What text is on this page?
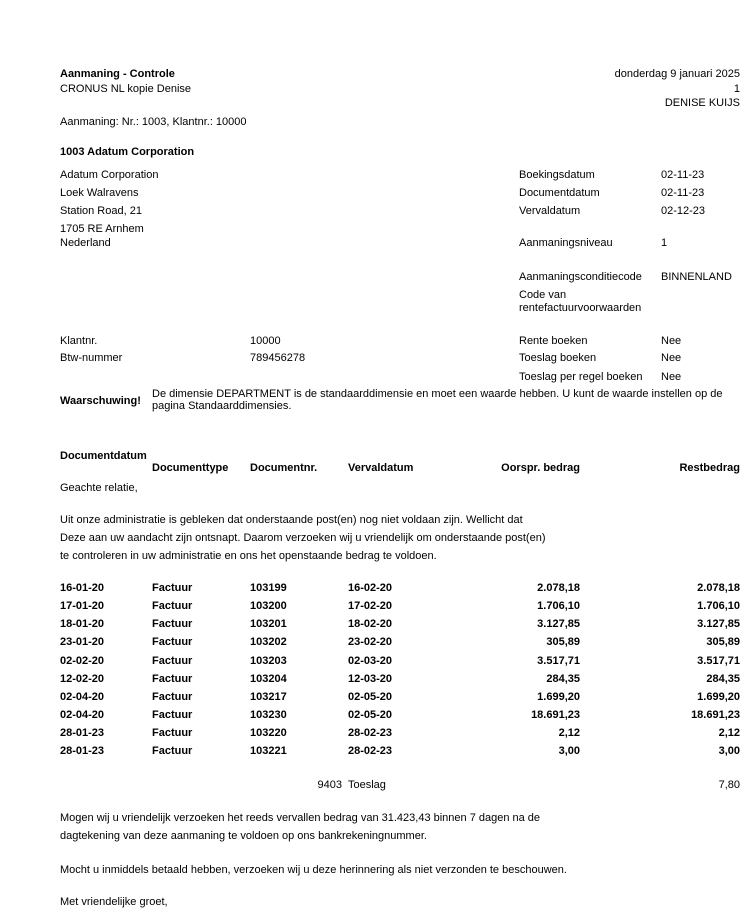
Aanmaning - Controle
CRONUS NL kopie Denise
donderdag 9 januari 2025
1
DENISE KUIJS
Aanmaning: Nr.: 1003, Klantnr.: 10000
1003 Adatum Corporation
Adatum Corporation
Loek Walravens
Station Road, 21
1705 RE Arnhem
Nederland
Boekingsdatum	02-11-23
Documentdatum	02-11-23
Vervaldatum	02-12-23
Aanmaningsniveau	1
Aanmaningsconditiecode BINNENLAND
Code van rentefactuurvoorwaarden
Klantnr.	10000
Btw-nummer	789456278
Rente boeken	Nee
Toeslag boeken	Nee
Toeslag per regel boeken Nee
Waarschuwing!
De dimensie DEPARTMENT is de standaarddimensie en moet een waarde hebben. U kunt de waarde instellen op de pagina Standaarddimensies.
Documentdatum
Documenttype Documentnr.	Vervaldatum	Oorspr. bedrag	Restbedrag
Geachte relatie,
Uit onze administratie is gebleken dat onderstaande post(en) nog niet voldaan zijn. Wellicht dat
Deze aan uw aandacht zijn ontsnapt. Daarom verzoeken wij u vriendelijk om onderstaande post(en)
te controleren in uw administratie en ons het openstaande bedrag te voldoen.
16-01-20	Factuur	103199	16-02-20	2.078,18	2.078,18
17-01-20	Factuur	103200	17-02-20	1.706,10	1.706,10
18-01-20	Factuur	103201	18-02-20	3.127,85	3.127,85
23-01-20	Factuur	103202	23-02-20	305,89	305,89
02-02-20	Factuur	103203	02-03-20	3.517,71	3.517,71
12-02-20	Factuur	103204	12-03-20	284,35	284,35
02-04-20	Factuur	103217	02-05-20	1.699,20	1.699,20
02-04-20	Factuur	103230	02-05-20	18.691,23	18.691,23
28-01-23	Factuur	103220	28-02-23	2,12	2,12
28-01-23	Factuur	103221	28-02-23	3,00	3,00
9403 Toeslag	7,80
Mogen wij u vriendelijk verzoeken het reeds vervallen bedrag van 31.423,43 binnen 7 dagen na de
dagtekening van deze aanmaning te voldoen op ons bankrekeningnummer.
Mocht u inmiddels betaald hebben, verzoeken wij u deze herinnering als niet verzonden te beschouwen.
Met vriendelijke groet,
